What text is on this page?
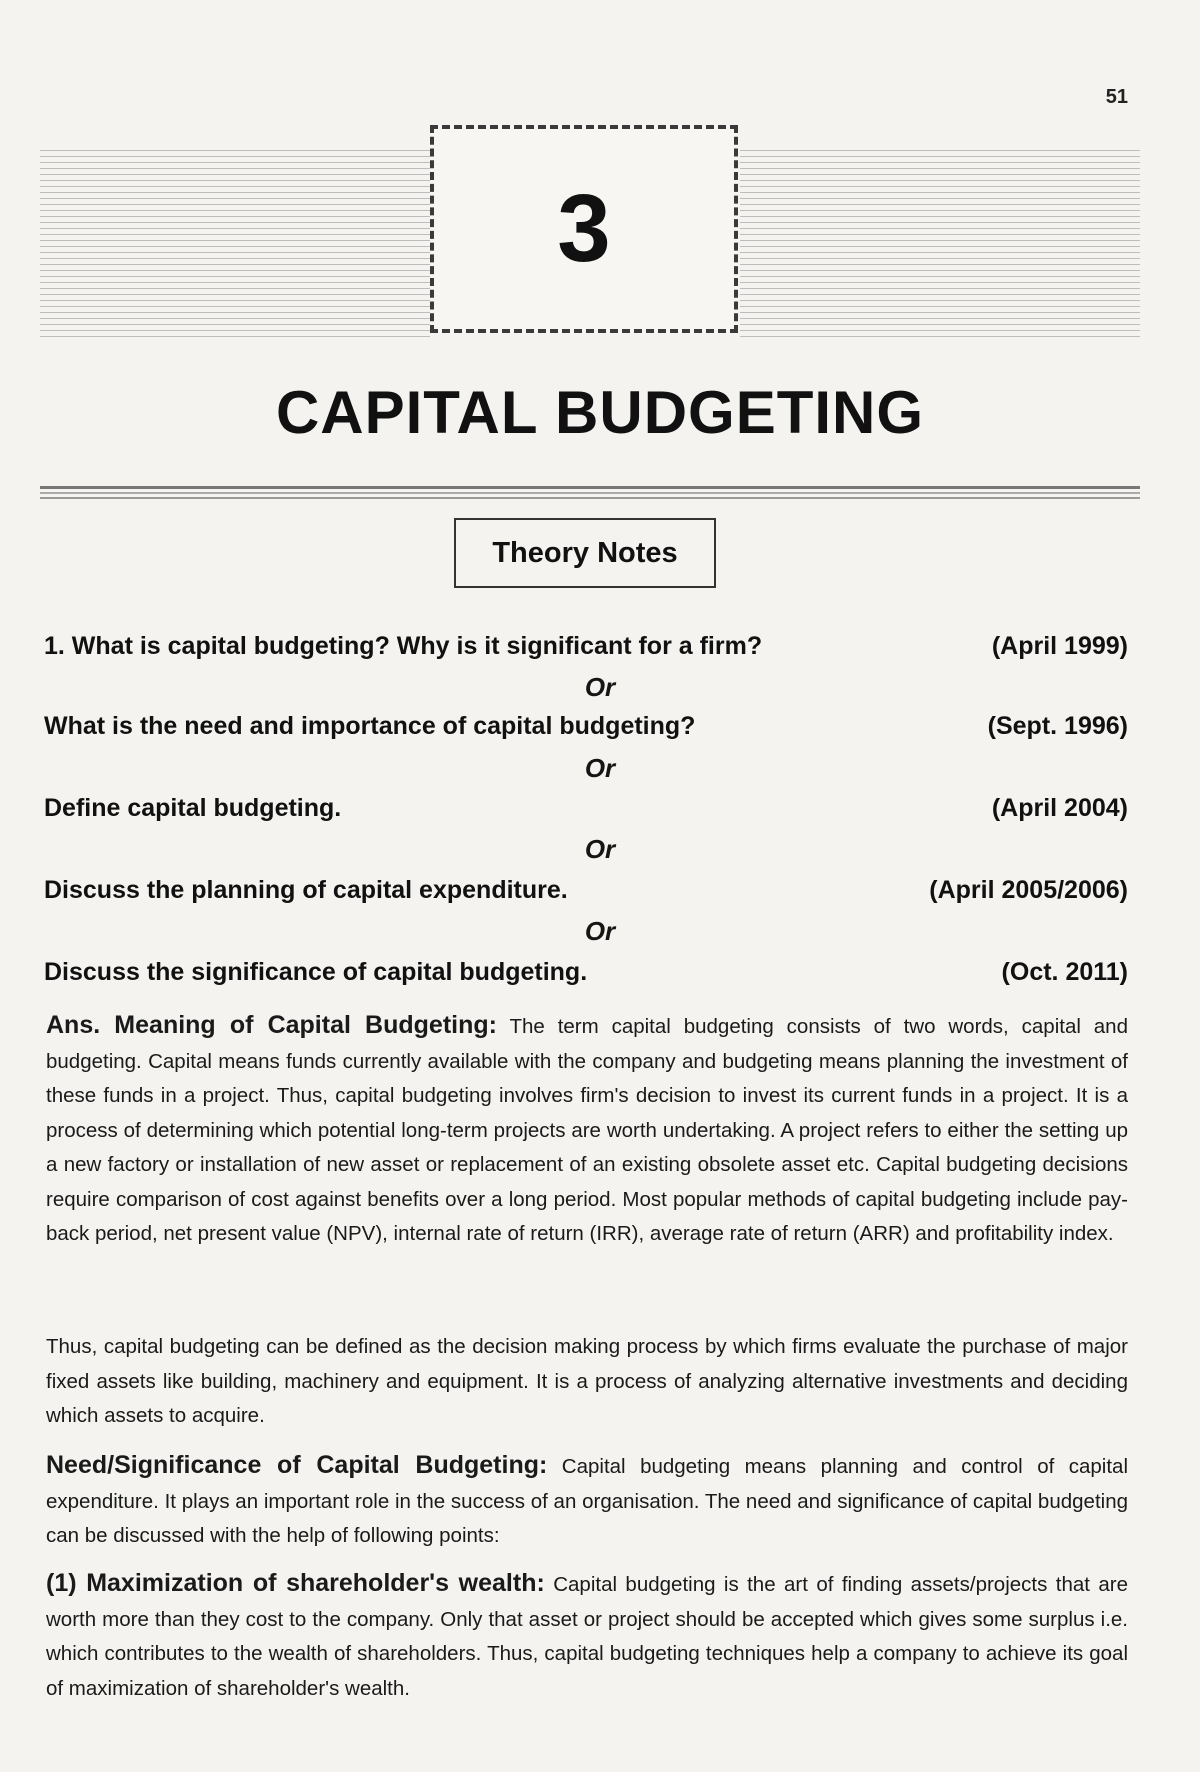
51
3
CAPITAL BUDGETING
Theory Notes
1. What is capital budgeting? Why is it significant for a firm?	(April 1999)
Or
What is the need and importance of capital budgeting?	(Sept. 1996)
Or
Define capital budgeting.	(April 2004)
Or
Discuss the planning of capital expenditure.	(April 2005/2006)
Or
Discuss the significance of capital budgeting.	(Oct. 2011)
Ans. Meaning of Capital Budgeting: The term capital budgeting consists of two words, capital and budgeting. Capital means funds currently available with the company and budgeting means planning the investment of these funds in a project. Thus, capital budgeting involves firm's decision to invest its current funds in a project. It is a process of determining which potential long-term projects are worth undertaking. A project refers to either the setting up a new factory or installation of new asset or replacement of an existing obsolete asset etc. Capital budgeting decisions require comparison of cost against benefits over a long period. Most popular methods of capital budgeting include pay-back period, net present value (NPV), internal rate of return (IRR), average rate of return (ARR) and profitability index.
Thus, capital budgeting can be defined as the decision making process by which firms evaluate the purchase of major fixed assets like building, machinery and equipment. It is a process of analyzing alternative investments and deciding which assets to acquire.
Need/Significance of Capital Budgeting: Capital budgeting means planning and control of capital expenditure. It plays an important role in the success of an organisation. The need and significance of capital budgeting can be discussed with the help of following points:
(1) Maximization of shareholder's wealth: Capital budgeting is the art of finding assets/projects that are worth more than they cost to the company. Only that asset or project should be accepted which gives some surplus i.e. which contributes to the wealth of shareholders. Thus, capital budgeting techniques help a company to achieve its goal of maximization of shareholder's wealth.
